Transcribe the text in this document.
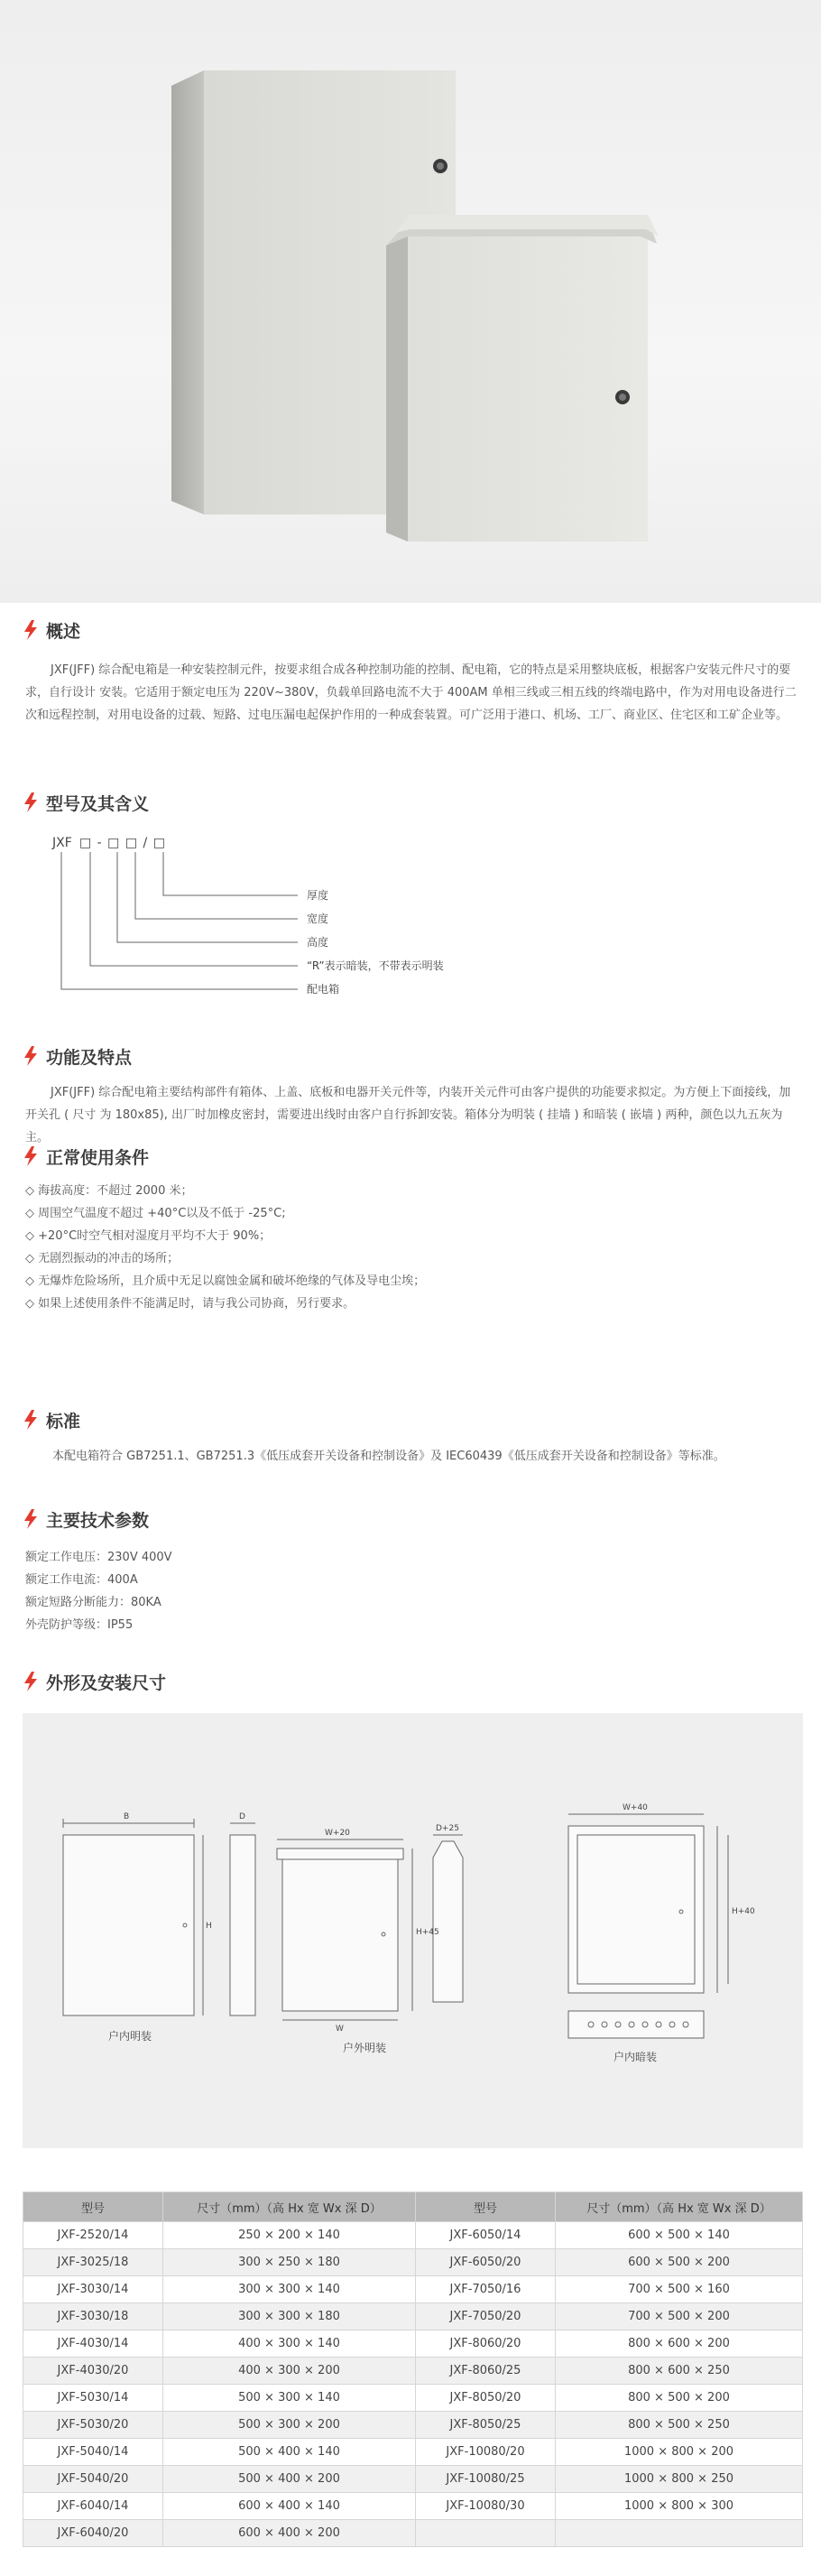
概述

JXF(JFF) 综合配电箱是一种安装控制元件，按要求组合成各种控制功能的控制、配电箱，它的特点是采用整块底板，根据客户安装元件尺寸的要求，自行设计 安装。它适用于额定电压为 220V~380V，负载单回路电流不大于 400AM 单相三线或三相五线的终端电路中，作为对用电设备进行二次和远程控制，对用电设备的过载、短路、过电压漏电起保护作用的一种成套装置。可广泛用于港口、机场、工厂、商业区、住宅区和工矿企业等。

型号及其含义
JXF □ - □ □ / □
厚度
宽度
高度
“R”表示暗装，不带表示明装
配电箱
功能及特点

JXF(JFF) 综合配电箱主要结构部件有箱体、上盖、底板和电器开关元件等，内装开关元件可由客户提供的功能要求拟定。为方便上下面接线，加开关孔 ( 尺寸 为 180x85), 出厂时加橡皮密封，需要进出线时由客户自行拆卸安装。箱体分为明装 ( 挂墙 ) 和暗装 ( 嵌墙 ) 两种，颜色以九五灰为主。

正常使用条件
◇ 海拔高度：不超过 2000 米；
◇ 周围空气温度不超过 +40°C以及不低于 -25°C;
◇ +20°C时空气相对湿度月平均不大于 90%；
◇ 无剧烈振动的冲击的场所；
◇ 无爆炸危险场所，且介质中无足以腐蚀金属和破坏绝缘的气体及导电尘埃；
◇ 如果上述使用条件不能满足时，请与我公司协商，另行要求。
标准

本配电箱符合 GB7251.1、GB7251.3《低压成套开关设备和控制设备》及 IEC60439《低压成套开关设备和控制设备》等标准。

主要技术参数
额定工作电压：230V 400V
额定工作电流：400A
额定短路分断能力：80KA
外壳防护等级：IP55
外形及安装尺寸
B
H
D
W+20
H+45
D+25
W
W+40
H+40
户内明装
户外明装
户内暗装
型号	尺寸（mm）（高 Hx 宽 Wx 深 D）	型号	尺寸（mm）（高 Hx 宽 Wx 深 D）
JXF-2520/14	250 × 200 × 140	JXF-6050/14	600 × 500 × 140
JXF-3025/18	300 × 250 × 180	JXF-6050/20	600 × 500 × 200
JXF-3030/14	300 × 300 × 140	JXF-7050/16	700 × 500 × 160
JXF-3030/18	300 × 300 × 180	JXF-7050/20	700 × 500 × 200
JXF-4030/14	400 × 300 × 140	JXF-8060/20	800 × 600 × 200
JXF-4030/20	400 × 300 × 200	JXF-8060/25	800 × 600 × 250
JXF-5030/14	500 × 300 × 140	JXF-8050/20	800 × 500 × 200
JXF-5030/20	500 × 300 × 200	JXF-8050/25	800 × 500 × 250
JXF-5040/14	500 × 400 × 140	JXF-10080/20	1000 × 800 × 200
JXF-5040/20	500 × 400 × 200	JXF-10080/25	1000 × 800 × 250
JXF-6040/14	600 × 400 × 140	JXF-10080/30	1000 × 800 × 300
JXF-6040/20	600 × 400 × 200		
